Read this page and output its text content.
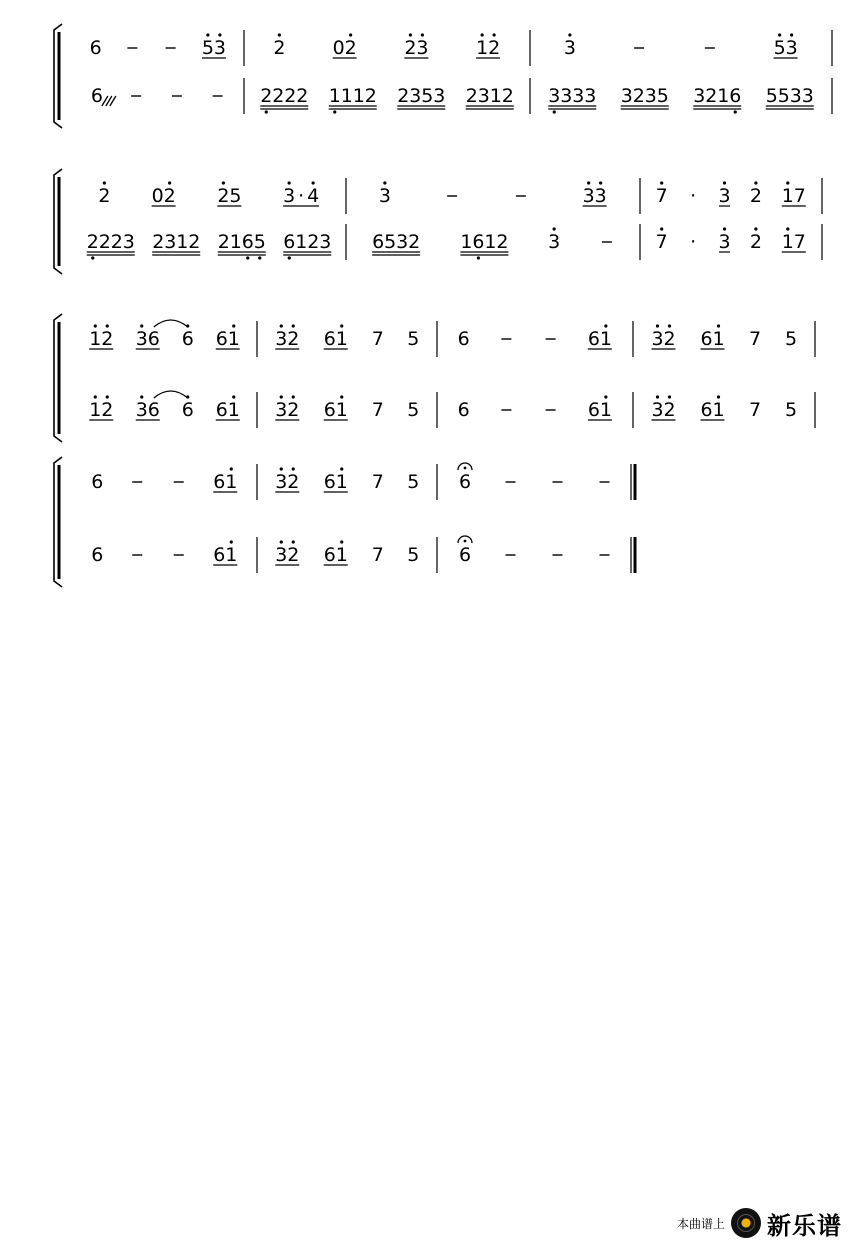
6	5 3 2 0 2	2 3	1 2	3	5 3
6	2 2 2 2 1 1 1 2 2 3 5 3 2 3 1 2 3 3 3 3 3 2 3 5 3 2 1 6 5 5 3 3
2 0 2 2 5 3 · 4	3	3 3	7 · 3 2 1 7
2 2 2 3 2 3 1 2 2 1 6 5 6 1 2 3 6 5 3 2 1 6 1 2 3	7 · 3 2 1 7
1 2 3 6 6 6 1 3 2 6 1 7 5 6	6 1 3 2 6 1 7 5
1 2 3 6 6 6 1 3 2 6 1 7 5 6	6 1 3 2 6 1 7 5
6	6 1 3 2 6 1 7 5 6
6	6 1 3 2 6 1 7 5 6
本曲谱上 新乐谱
